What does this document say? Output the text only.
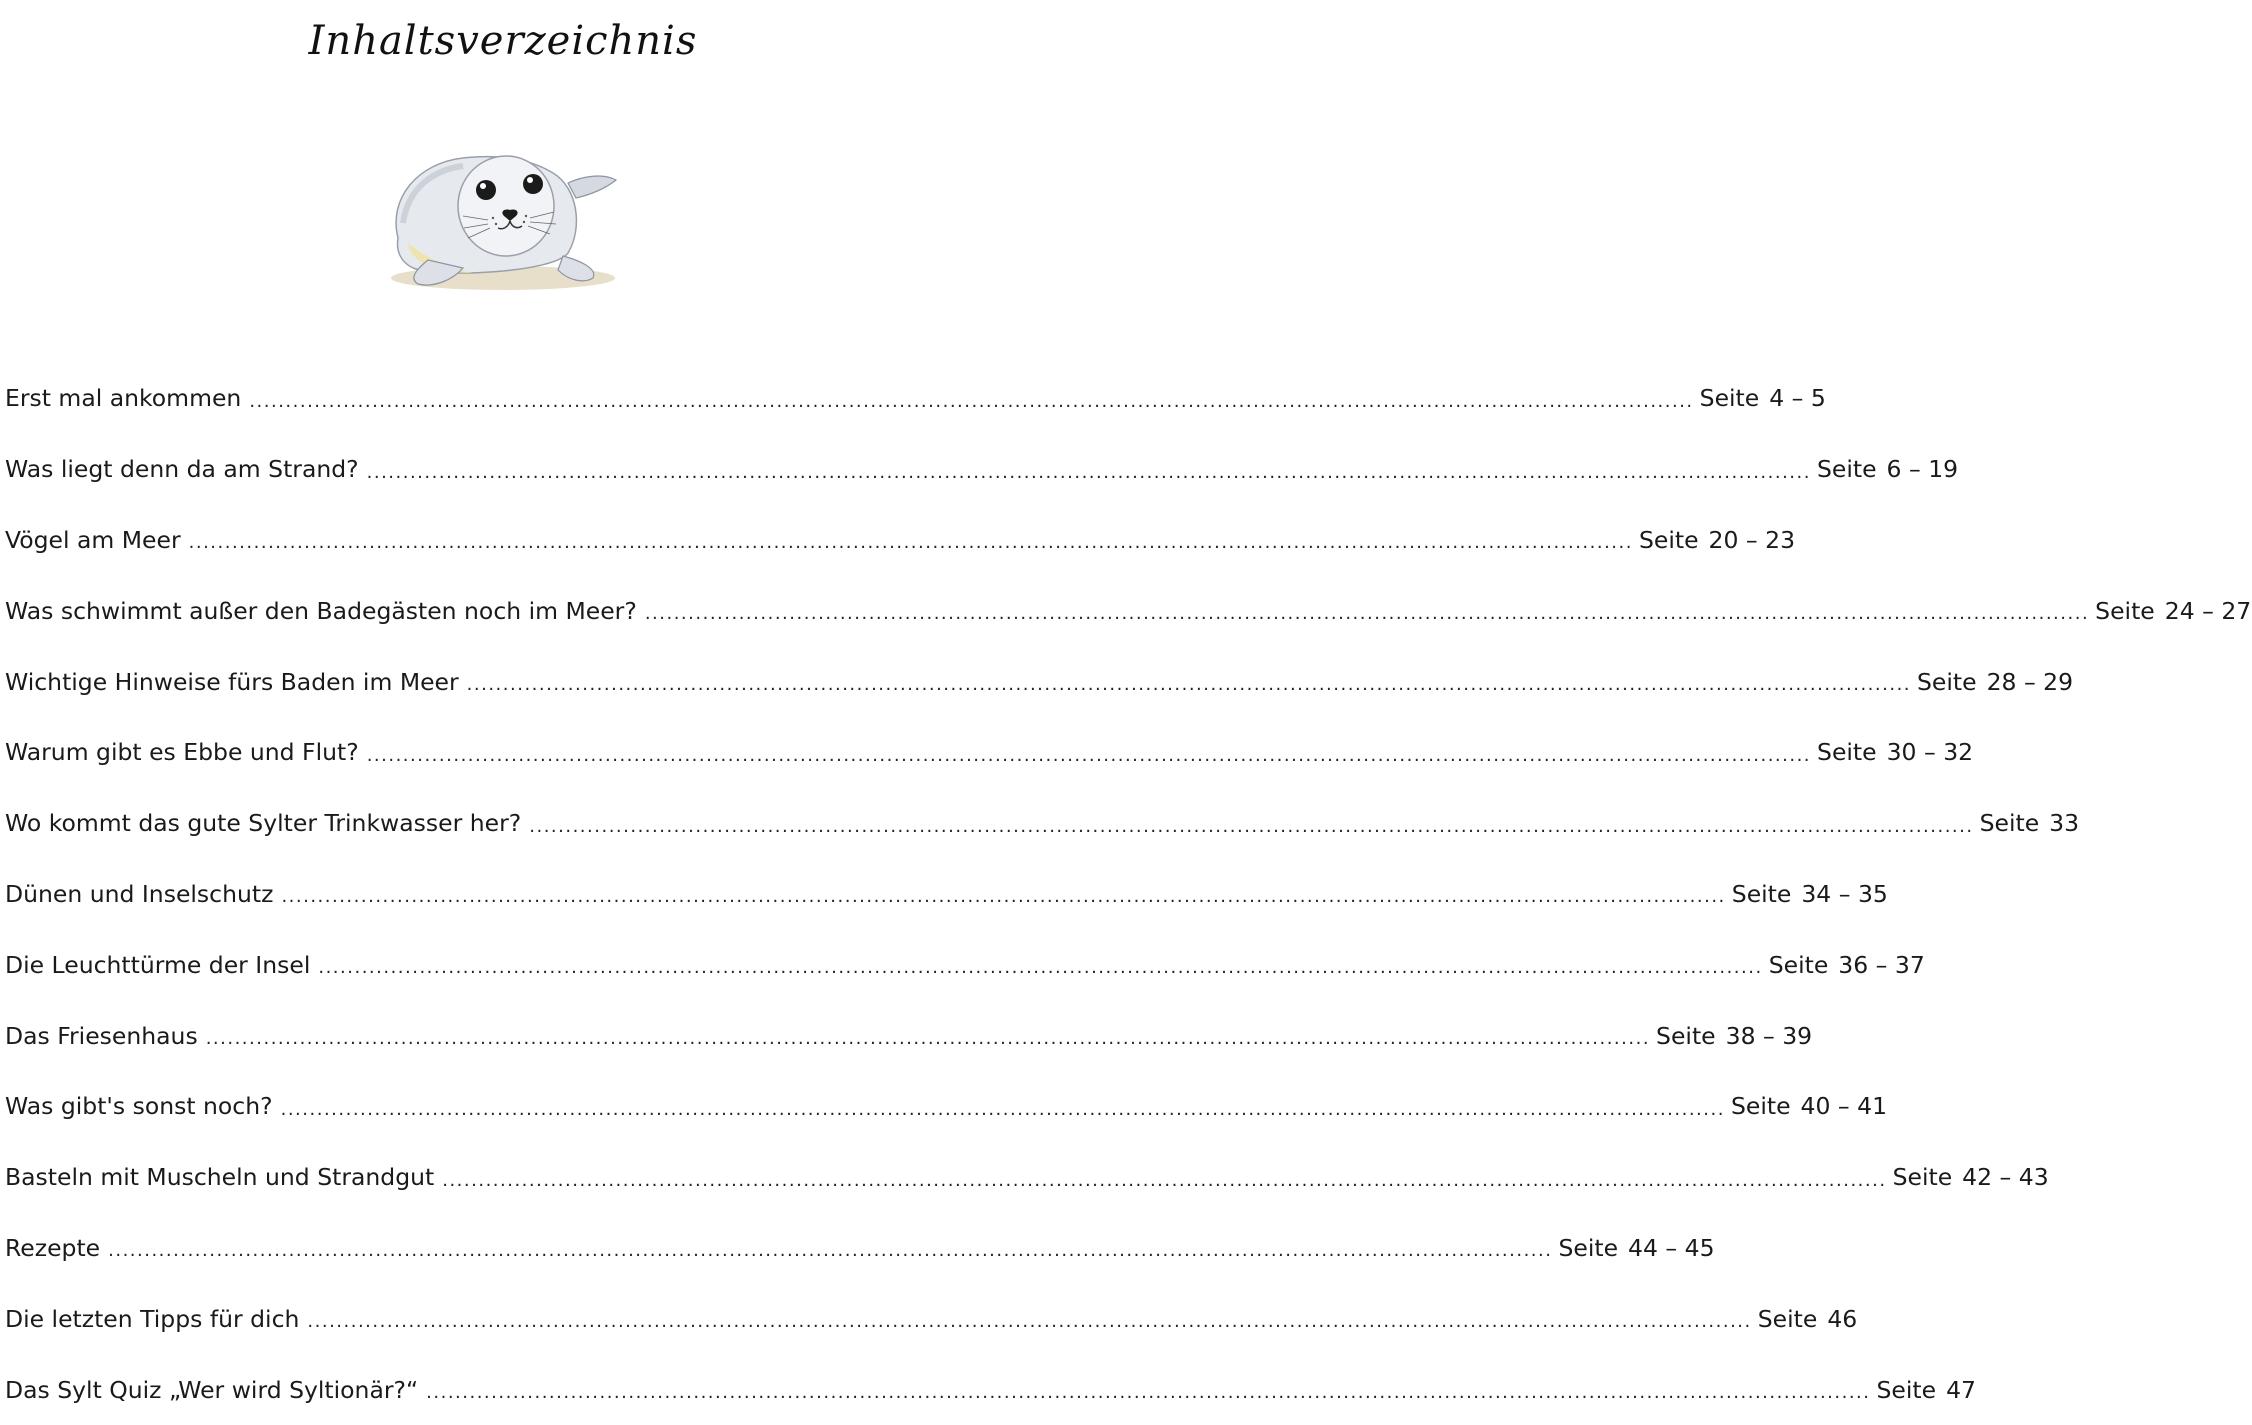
Inhaltsverzeichnis
Erst mal ankommen ........................................................................................................................................................................................................ Seite 4 – 5
Was liegt denn da am Strand? ........................................................................................................................................................................................................ Seite 6 – 19
Vögel am Meer ........................................................................................................................................................................................................ Seite 20 – 23
Was schwimmt außer den Badegästen noch im Meer? ........................................................................................................................................................................................................ Seite 24 – 27
Wichtige Hinweise fürs Baden im Meer ........................................................................................................................................................................................................ Seite 28 – 29
Warum gibt es Ebbe und Flut? ........................................................................................................................................................................................................ Seite 30 – 32
Wo kommt das gute Sylter Trinkwasser her? ........................................................................................................................................................................................................ Seite 33
Dünen und Inselschutz ........................................................................................................................................................................................................ Seite 34 – 35
Die Leuchttürme der Insel ........................................................................................................................................................................................................ Seite 36 – 37
Das Friesenhaus ........................................................................................................................................................................................................ Seite 38 – 39
Was gibt's sonst noch? ........................................................................................................................................................................................................ Seite 40 – 41
Basteln mit Muscheln und Strandgut ........................................................................................................................................................................................................ Seite 42 – 43
Rezepte ........................................................................................................................................................................................................ Seite 44 – 45
Die letzten Tipps für dich ........................................................................................................................................................................................................ Seite 46
Das Sylt Quiz „Wer wird Syltionär?“ ........................................................................................................................................................................................................ Seite 47
